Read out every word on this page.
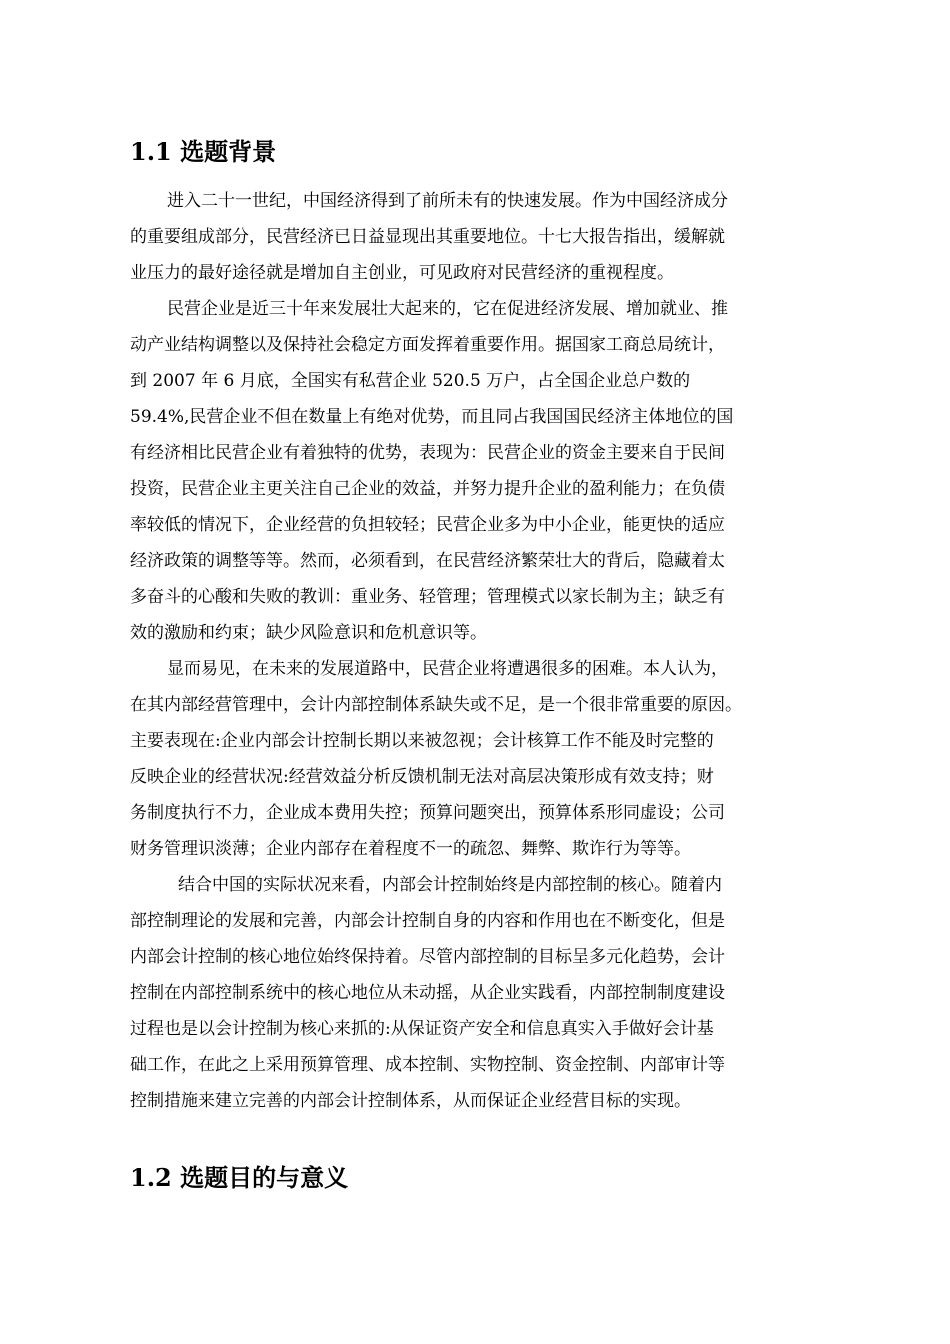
1.1 选题背景

进入二十一世纪，中国经济得到了前所未有的快速发展。作为中国经济成分

的重要组成部分，民营经济已日益显现出其重要地位。十七大报告指出，缓解就

业压力的最好途径就是增加自主创业，可见政府对民营经济的重视程度。

民营企业是近三十年来发展壮大起来的，它在促进经济发展、增加就业、推

动产业结构调整以及保持社会稳定方面发挥着重要作用。据国家工商总局统计，

到 2007 年 6 月底，全国实有私营企业 520.5 万户，占全国企业总户数的

59.4%,民营企业不但在数量上有绝对优势，而且同占我国国民经济主体地位的国

有经济相比民营企业有着独特的优势，表现为：民营企业的资金主要来自于民间

投资，民营企业主更关注自己企业的效益，并努力提升企业的盈利能力；在负债

率较低的情况下，企业经营的负担较轻；民营企业多为中小企业，能更快的适应

经济政策的调整等等。然而，必须看到，在民营经济繁荣壮大的背后，隐藏着太

多奋斗的心酸和失败的教训：重业务、轻管理；管理模式以家长制为主；缺乏有

效的激励和约束；缺少风险意识和危机意识等。

显而易见，在未来的发展道路中，民营企业将遭遇很多的困难。本人认为，

在其内部经营管理中，会计内部控制体系缺失或不足，是一个很非常重要的原因。

主要表现在:企业内部会计控制长期以来被忽视；会计核算工作不能及时完整的

反映企业的经营状况:经营效益分析反馈机制无法对高层决策形成有效支持；财

务制度执行不力，企业成本费用失控；预算问题突出，预算体系形同虚设；公司

财务管理识淡薄；企业内部存在着程度不一的疏忽、舞弊、欺诈行为等等。

结合中国的实际状况来看，内部会计控制始终是内部控制的核心。随着内

部控制理论的发展和完善，内部会计控制自身的内容和作用也在不断变化，但是

内部会计控制的核心地位始终保持着。尽管内部控制的目标呈多元化趋势，会计

控制在内部控制系统中的核心地位从未动摇，从企业实践看，内部控制制度建设

过程也是以会计控制为核心来抓的:从保证资产安全和信息真实入手做好会计基

础工作，在此之上采用预算管理、成本控制、实物控制、资金控制、内部审计等

控制措施来建立完善的内部会计控制体系，从而保证企业经营目标的实现。

1.2 选题目的与意义
